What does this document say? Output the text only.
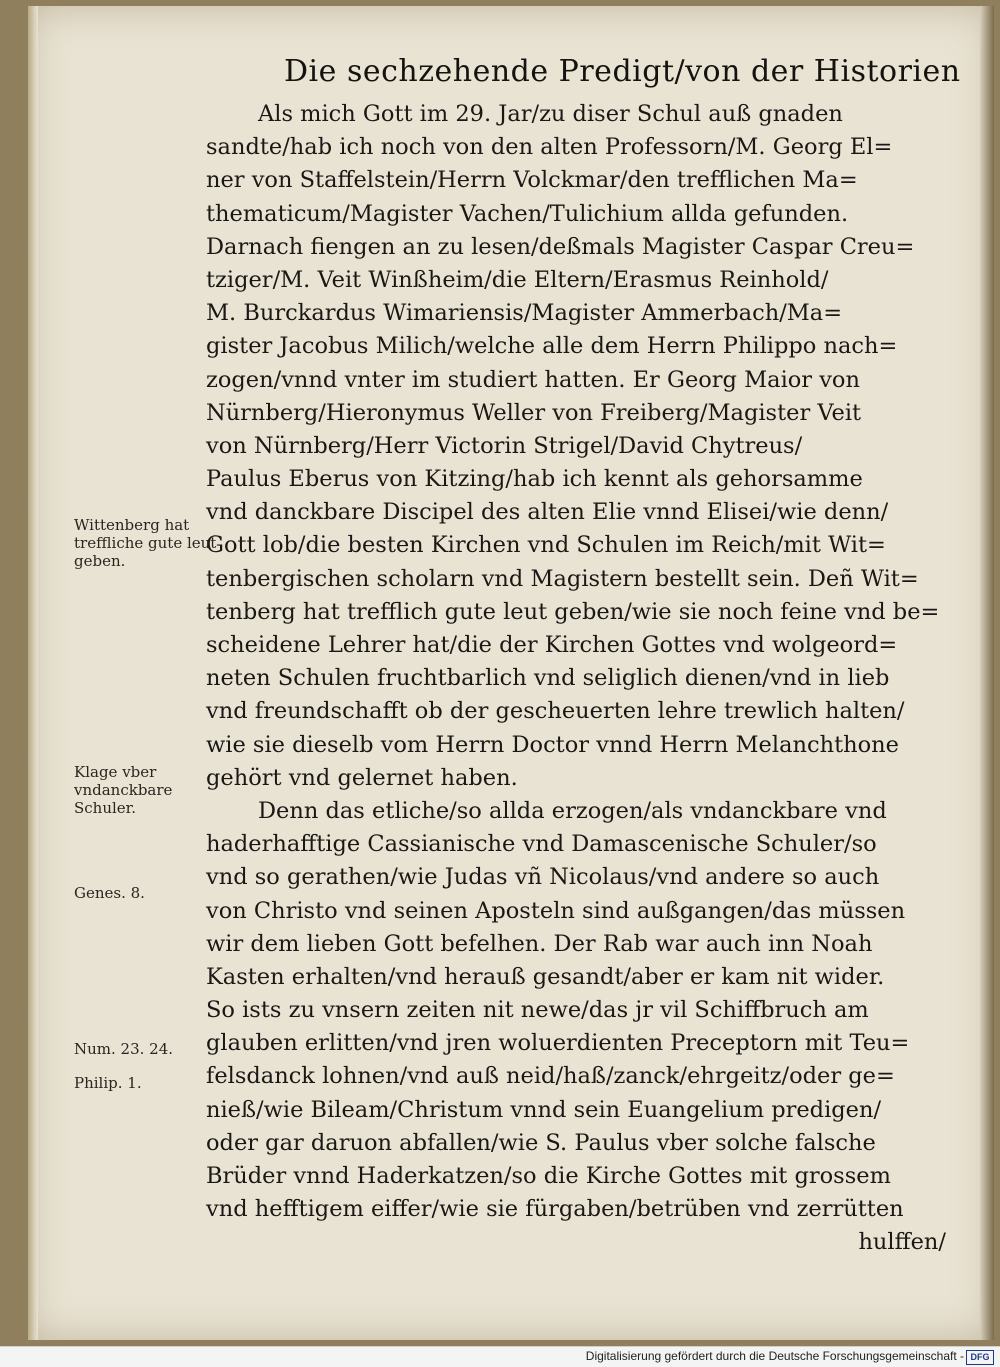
Die sechzehende Predigt/von der Historien
Als mich Gott im 29. Jar/zu diser Schul auß gnaden
sandte/hab ich noch von den alten Professorn/M. Georg El=
ner von Staffelstein/Herrn Volckmar/den trefflichen Ma=
thematicum/Magister Vachen/Tulichium allda gefunden.
Darnach fiengen an zu lesen/deßmals Magister Caspar Creu=
tziger/M. Veit Winßheim/die Eltern/Erasmus Reinhold/
M. Burckardus Wimariensis/Magister Ammerbach/Ma=
gister Jacobus Milich/welche alle dem Herrn Philippo nach=
zogen/vnnd vnter im studiert hatten. Er Georg Maior von
Nürnberg/Hieronymus Weller von Freiberg/Magister Veit
von Nürnberg/Herr Victorin Strigel/David Chytreus/
Paulus Eberus von Kitzing/hab ich kennt als gehorsamme
vnd danckbare Discipel des alten Elie vnnd Elisei/wie denn/
Gott lob/die besten Kirchen vnd Schulen im Reich/mit Wit=
tenbergischen scholarn vnd Magistern bestellt sein. Deñ Wit=
tenberg hat trefflich gute leut geben/wie sie noch feine vnd be=
scheidene Lehrer hat/die der Kirchen Gottes vnd wolgeord=
neten Schulen fruchtbarlich vnd seliglich dienen/vnd in lieb
vnd freundschafft ob der gescheuerten lehre trewlich halten/
wie sie dieselb vom Herrn Doctor vnnd Herrn Melanchthone
gehört vnd gelernet haben.
Denn das etliche/so allda erzogen/als vndanckbare vnd
haderhafftige Cassianische vnd Damascenische Schuler/so
vnd so gerathen/wie Judas vñ Nicolaus/vnd andere so auch
von Christo vnd seinen Aposteln sind außgangen/das müssen
wir dem lieben Gott befelhen. Der Rab war auch inn Noah
Kasten erhalten/vnd herauß gesandt/aber er kam nit wider.
So ists zu vnsern zeiten nit newe/das jr vil Schiffbruch am
glauben erlitten/vnd jren woluerdienten Preceptorn mit Teu=
felsdanck lohnen/vnd auß neid/haß/zanck/ehrgeitz/oder ge=
nieß/wie Bileam/Christum vnnd sein Euangelium predigen/
oder gar daruon abfallen/wie S. Paulus vber solche falsche
Brüder vnnd Haderkatzen/so die Kirche Gottes mit grossem
vnd hefftigem eiffer/wie sie fürgaben/betrüben vnd zerrütten
hulffen/
Wittenberg hat treffliche gute leut geben.
Klage vber vndanckbare Schuler.
Genes. 8.
Num. 23. 24.
Philip. 1.
Digitalisierung gefördert durch die Deutsche Forschungsgemeinschaft - DFG
